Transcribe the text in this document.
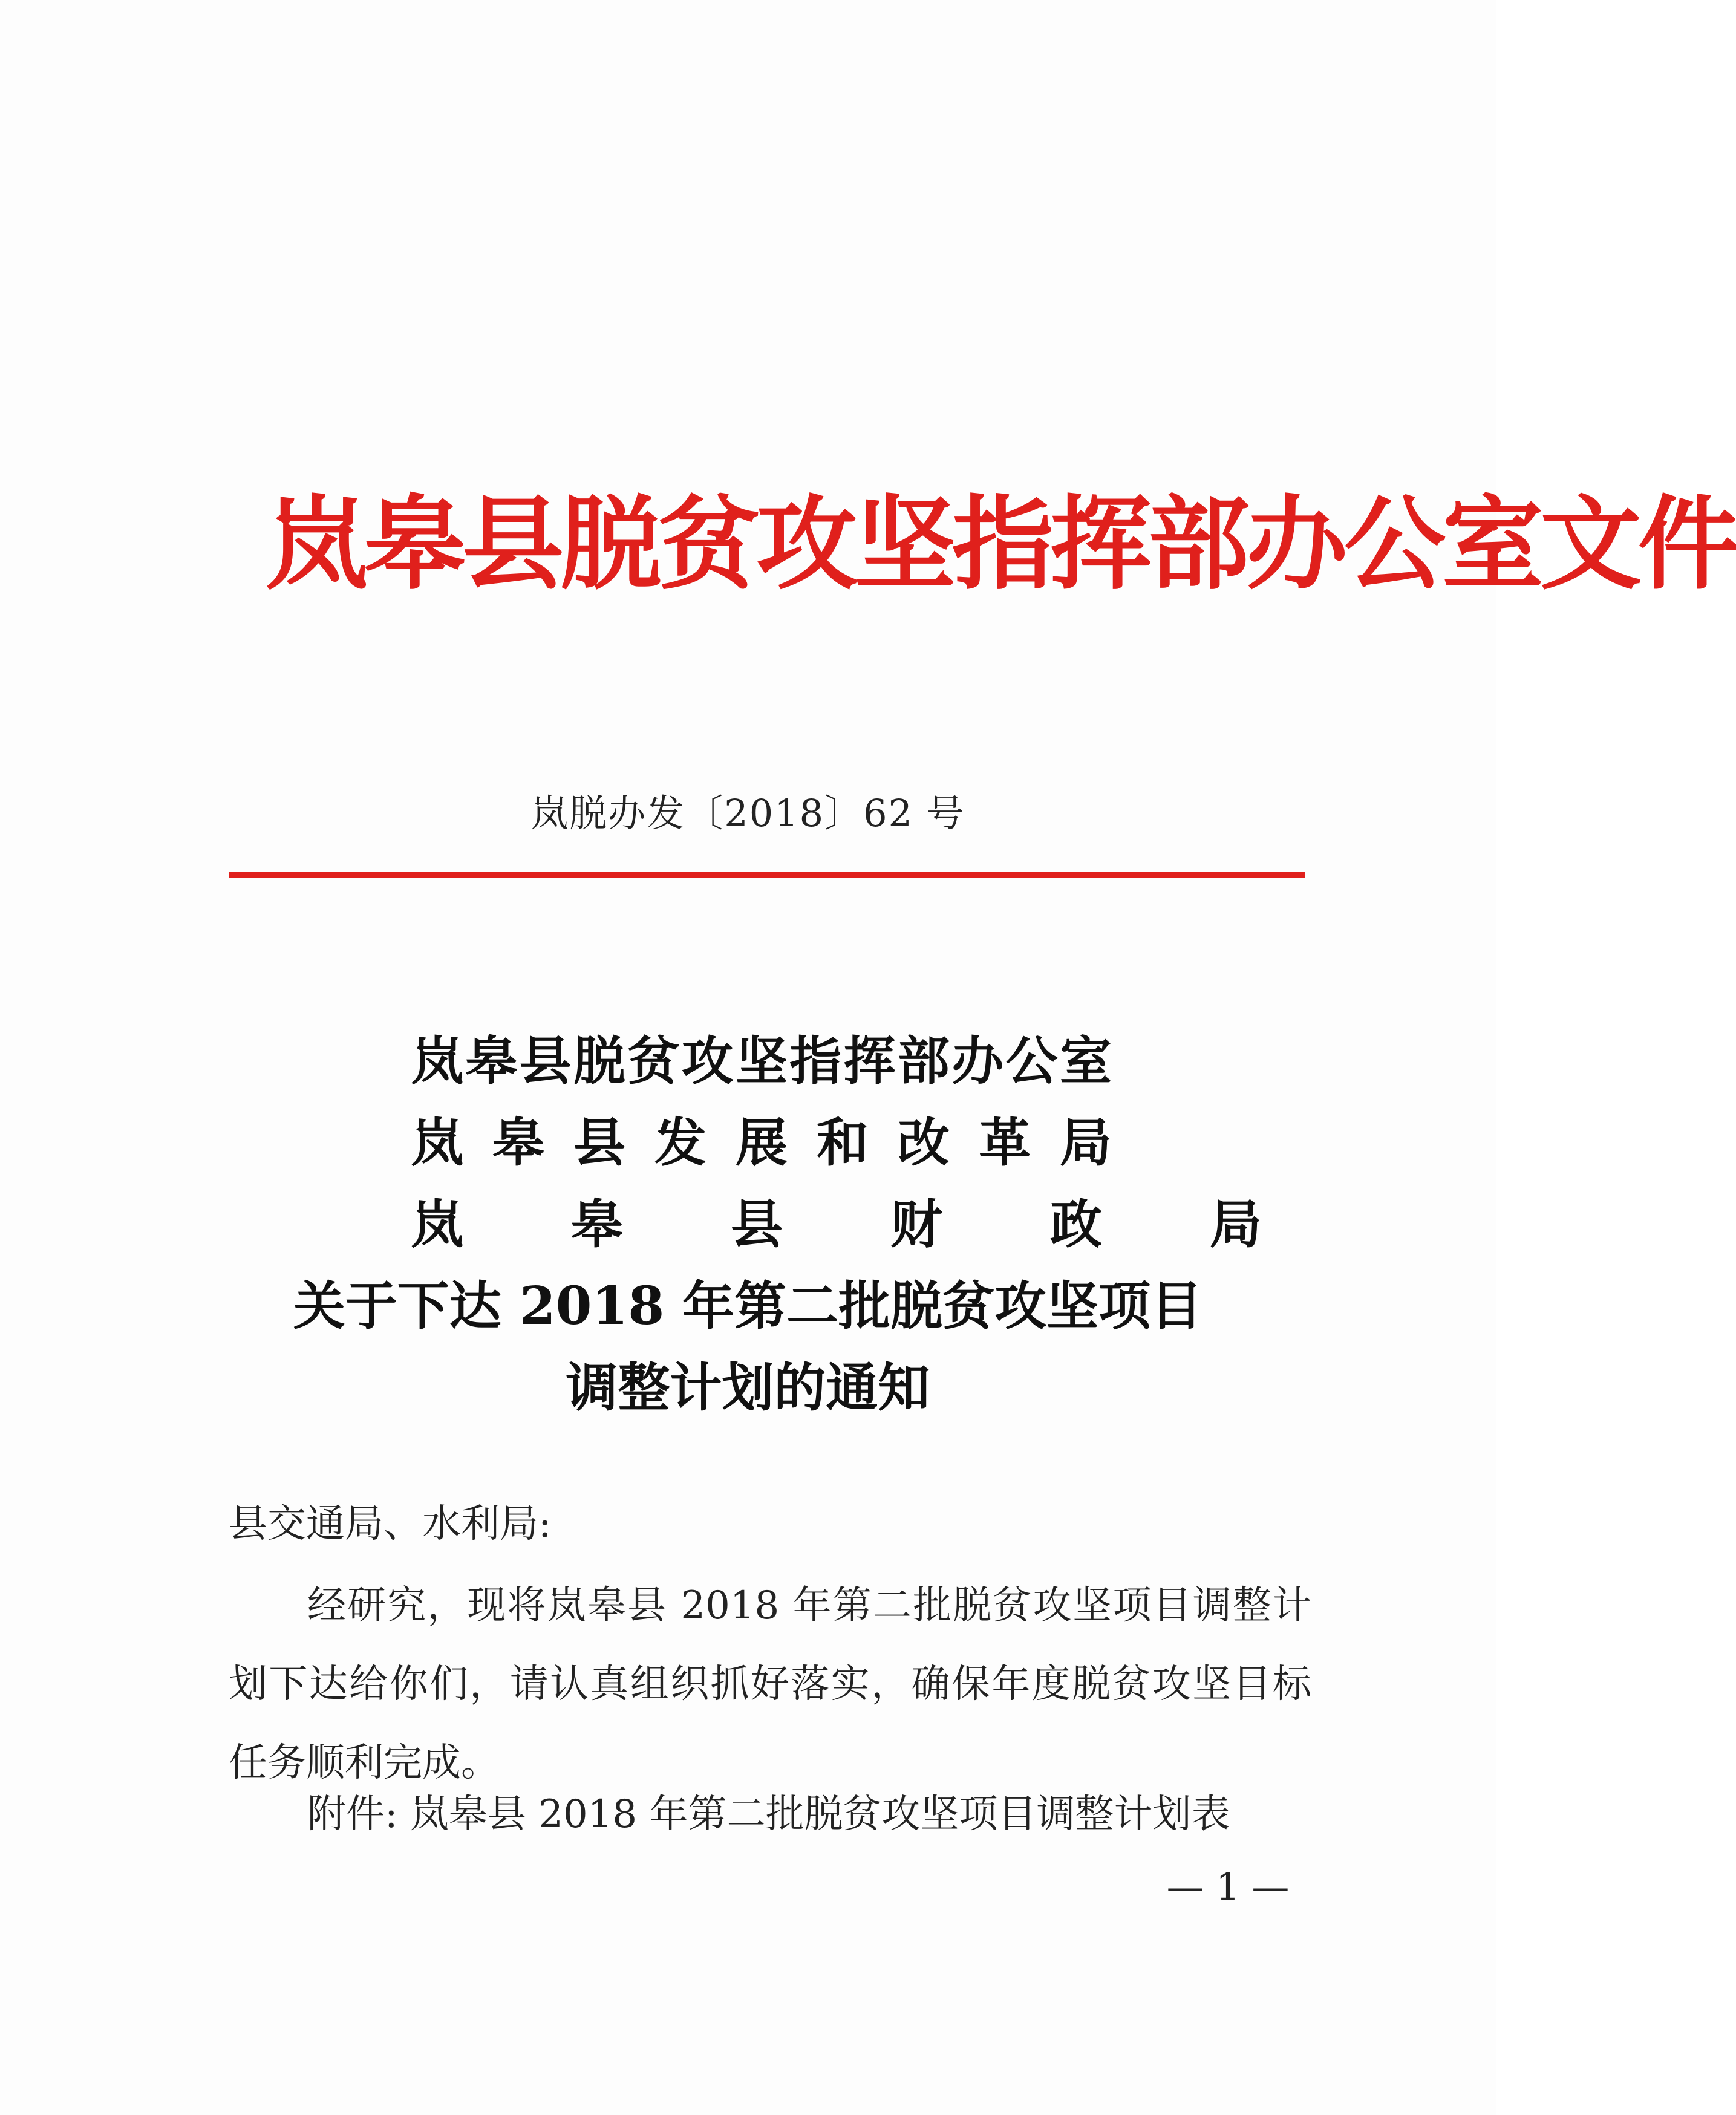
岚皋县脱贫攻坚指挥部办公室文件
岚脱办发〔2018〕62 号
岚皋县脱贫攻坚指挥部办公室
岚 皋 县 发 展 和 改 革 局
岚　　皋　　县　　财　　政　　局
关于下达 2018 年第二批脱贫攻坚项目
调整计划的通知
县交通局、水利局:
经研究，现将岚皋县 2018 年第二批脱贫攻坚项目调整计划下达给你们，请认真组织抓好落实，确保年度脱贫攻坚目标任务顺利完成。
附件: 岚皋县 2018 年第二批脱贫攻坚项目调整计划表
— 1 —
